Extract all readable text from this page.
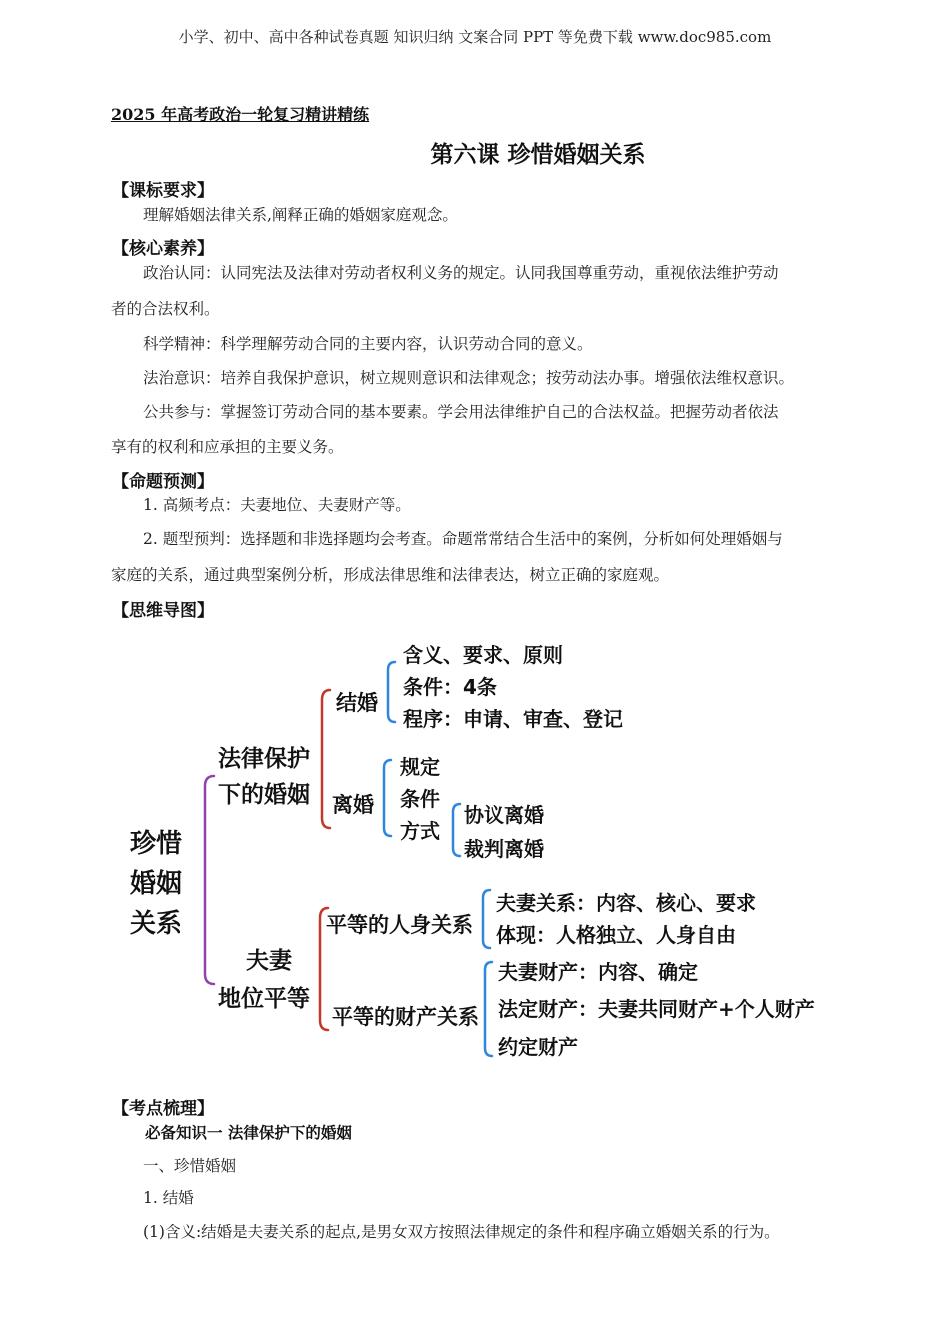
小学、初中、高中各种试卷真题 知识归纳 文案合同 PPT 等免费下载 www.doc985.com
2025 年高考政治一轮复习精讲精练
第六课 珍惜婚姻关系
【课标要求】
理解婚姻法律关系,阐释正确的婚姻家庭观念。
【核心素养】
政治认同：认同宪法及法律对劳动者权利义务的规定。认同我国尊重劳动，重视依法维护劳动
者的合法权利。
科学精神：科学理解劳动合同的主要内容，认识劳动合同的意义。
法治意识：培养自我保护意识，树立规则意识和法律观念；按劳动法办事。增强依法维权意识。
公共参与：掌握签订劳动合同的基本要素。学会用法律维护自己的合法权益。把握劳动者依法
享有的权利和应承担的主要义务。
【命题预测】
1. 高频考点：夫妻地位、夫妻财产等。
2. 题型预判：选择题和非选择题均会考查。命题常常结合生活中的案例，分析如何处理婚姻与
家庭的关系，通过典型案例分析，形成法律思维和法律表达，树立正确的家庭观。
【思维导图】
珍惜
婚姻
关系
法律保护
下的婚姻
结婚
含义、要求、原则
条件：4条
程序：申请、审查、登记
离婚
规定
条件
方式
协议离婚
裁判离婚
夫妻
地位平等
平等的人身关系
夫妻关系：内容、核心、要求
体现：人格独立、人身自由
平等的财产关系
夫妻财产：内容、确定
法定财产：夫妻共同财产+个人财产
约定财产
【考点梳理】
必备知识一 法律保护下的婚姻
一、珍惜婚姻
1. 结婚
(1)含义:结婚是夫妻关系的起点,是男女双方按照法律规定的条件和程序确立婚姻关系的行为。
